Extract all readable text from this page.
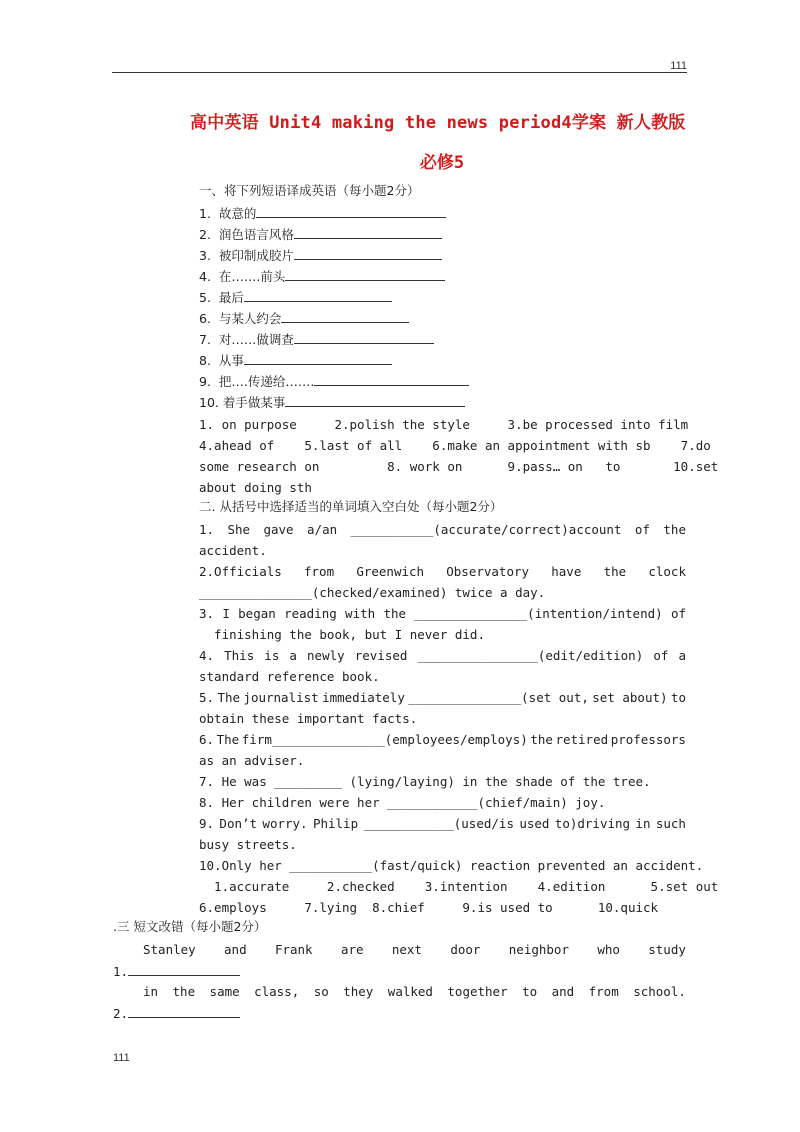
111
高中英语 Unit4 making the news period4学案 新人教版
必修5
一、将下列短语译成英语（每小题2分）
1.  故意的
2.  润色语言风格
3.  被印制成胶片
4.  在…….前头
5.  最后
6.  与某人约会
7.  对……做调查
8.  从事
9.  把….传递给…….
10. 着手做某事
1. on purpose     2.polish the style     3.be processed into film
4.ahead of    5.last of all    6.make an appointment with sb    7.do
some research on         8. work on      9.pass… on   to       10.set
about doing sth
二. 从括号中选择适当的单词填入空白处（每小题2分）
1. She gave a/an ___________(accurate/correct)account of the
accident.
2.Officials from Greenwich Observatory have the clock
_______________(checked/examined) twice a day.
3. I began reading with the _______________(intention/intend) of
finishing the book, but I never did.
4. This is a newly revised ________________(edit/edition) of a
standard reference book.
5. The journalist immediately _______________(set out, set about) to
obtain these important facts.
6. The firm_______________(employees/employs) the retired professors
as an adviser.
7. He was _________ (lying/laying) in the shade of the tree.
8. Her children were her ____________(chief/main) joy.
9. Don’t worry. Philip ____________(used/is used to)driving in such
busy streets.
10.Only her ___________(fast/quick) reaction prevented an accident.
1.accurate     2.checked    3.intention    4.edition      5.set out
6.employs     7.lying  8.chief     9.is used to      10.quick
.三 短文改错（每小题2分）
Stanley and Frank are next door neighbor who study
1.
in the same class, so they walked together to and from school.
2.
111
